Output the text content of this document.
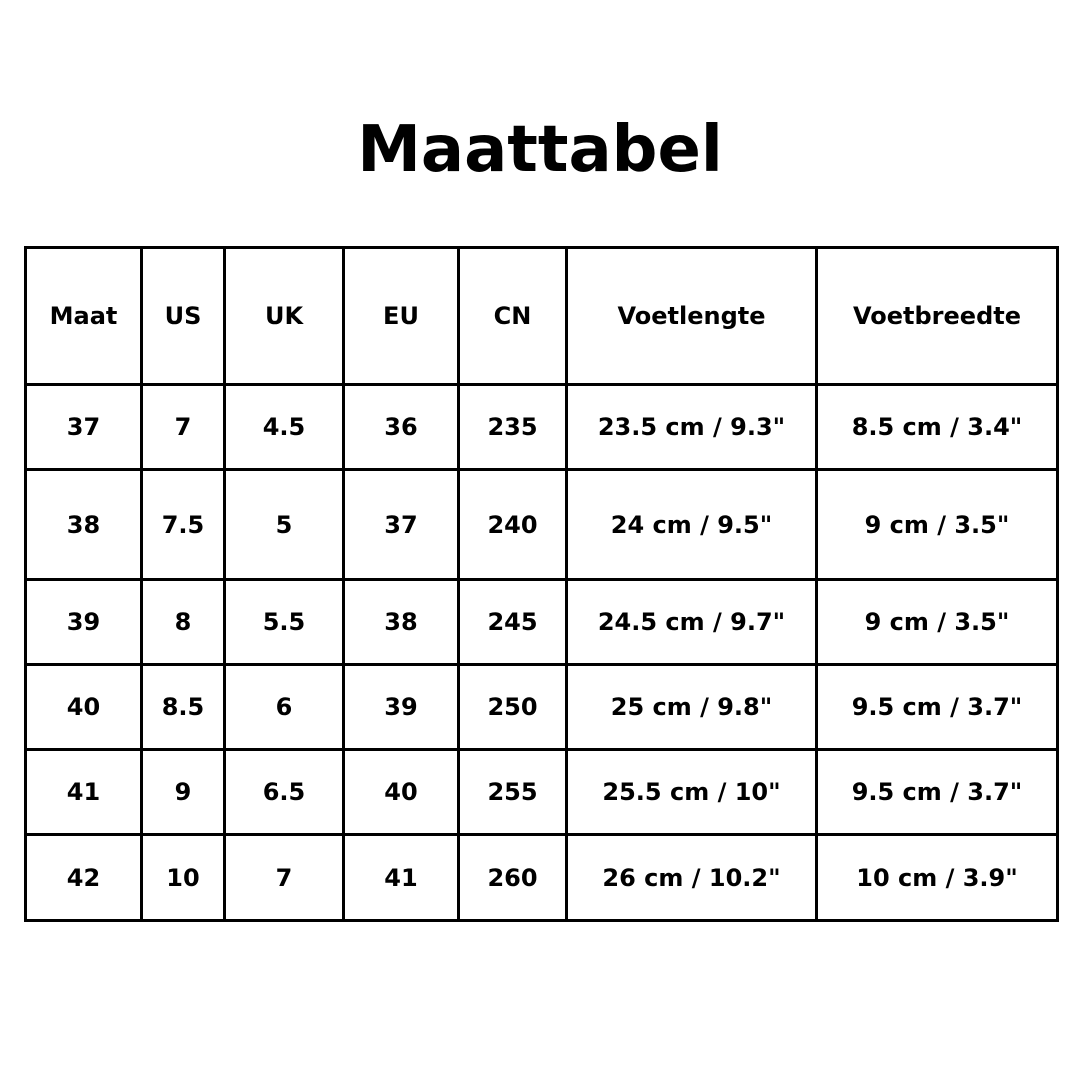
Maattabel
Maat	US	UK	EU	CN	Voetlengte	Voetbreedte
37	7	4.5	36	235	23.5 cm / 9.3"	8.5 cm / 3.4"
38	7.5	5	37	240	24 cm / 9.5"	9 cm / 3.5"
39	8	5.5	38	245	24.5 cm / 9.7"	9 cm / 3.5"
40	8.5	6	39	250	25 cm / 9.8"	9.5 cm / 3.7"
41	9	6.5	40	255	25.5 cm / 10"	9.5 cm / 3.7"
42	10	7	41	260	26 cm / 10.2"	10 cm / 3.9"
